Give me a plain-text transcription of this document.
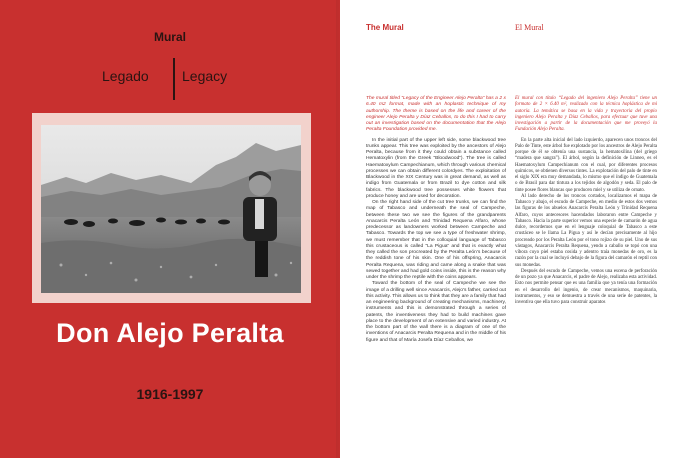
Mural
Legado Legacy
Don Alejo Peralta
1916-1997
The Mural	El Mural

The mural titled “Legacy of the Engineer Alejo Peralta” has a 2 x 6.40 m2 format, made with an hoplastic technique of my authorship. The theme is based on the life and career of the engineer Alejo Peralta y Díaz Ceballos, to do this I had to carry out an investigation based on the documentation that the Alejo Peralta Foundation provided me.

In the initial part of the upper left side, some blackwood tree trunks appear. This tree was exploited by the ancestors of Alejo Peralta, because from it they could obtain a substance called Hematoxylin (from the Greek “Bloodwood”). The tree is called Haematoxylum Campechianum, which through various chemical processes we can obtain different colordyes. The exploitation of Blackwood in the XIX Century was in great demand, as well as indigo from Guatemala or from Brazil to dye cotton and silk fabrics. The blackwood tree possesses white flowers that produce honey and are used for decoration.

On the right hand side of the cut tree trunks, we can find the map of Tabasco and underneath the seal of Campeche, between these two we see the figures of the grandparents Anacarcis Peralta León and Trinidad Requena Alfaro, whose predecessor as landowners worked between Campeche and Tabasco. Towards the top we see a type of freshwater shrimp, we must remember that in the colloquial language of Tabasco this crustaceous is called “La Pigua” and that is exactly what they called the son procreated by the Peralta León’s because of the reddish tone of his skin. One of his offspring, Anacarcis Peralta Requena, was riding and came along a snake that was sewed together and had gold coins inside, this is the reason why under the shrimp the reptile with the coins appears.

Toward the bottom of the seal of Campeche we see the image of a drilling well since Anacarcis, Alejo’s father, carried out this activity. This allows us to think that they are a family that had an engineering background of creating mechanisms, machinery, instruments and this is demonstrated through a series of patents, the inventiveness they had to build machines gave place to the development of an extensive and varied industry. At the bottom part of the wall there is a diagram of one of the inventions of Anacarcis Peralta Requena and in the middle of his figure and that of María Josefa Díaz Ceballos, we

El mural con título “Legado del ingeniero Alejo Peralta” tiene un formato de 2 × 6.40 m², realizado con la técnica hoplástica de mi autoría. La temática se basa en la vida y trayectoria del propio ingeniero Alejo Peralta y Díaz Ceballos, para efectuar que tuve una investigación a partir de la documentación que me proveyó la Fundación Alejo Peralta.

En la parte alta inicial del lado izquierdo, aparecen unos troncos del Palo de Tinte, este árbol fue explotado por los ancestros de Alejo Peralta porque de él se obtenía una sustancia, la hematoxilina (del griego “madera que sangra”). El árbol, según la definición de Linneo, es el Haematoxylum Campechianum con el cual, por diferentes procesos químicos, se obtienen diversos tintes. La explotación del palo de tinte en el siglo XIX era muy demandada, lo mismo que el índigo de Guatemala o de Brasil para dar tintura a los tejidos de algodón y seda. El palo de tinte posee flores blancas que producen miel y se utiliza de ornato.

Al lado derecho de los troncos cortados, localizamos el mapa de Tabasco y abajo, el escudo de Campeche, en medio de estos dos vemos las figuras de los abuelos Anacarcis Peralta León y Trinidad Requena Alfaro, cuyos antecesores hacendados laboraron entre Campeche y Tabasco. Hacia la parte superior vemos una especie de camarón de agua dulce, recordemos que en el lenguaje coloquial de Tabasco a este crustáceo se le llama La Pigua y así le decían precisamente al hijo procreado por los Peralta León por el tono rojizo de su piel. Uno de sus vástagos, Anacarcis Peralta Requena, yendo a caballo se topó con una víbora cuyo piel estaba cosida y adentro traía monedas de oro, es la razón por la cual se incluyó debajo de la figura del camarón el reptil con sus monedas.

Después del escudo de Campeche, vemos una escena de perforación de un pozo ya que Anacarcis, el padre de Alejo, realizaba esta actividad. Esto nos permite pensar que es una familia que ya tenía una formación en el desarrollo del ingenio, de crear mecanismos, maquinaria, instrumentos, y eso se demuestra a través de una serie de patentes, la inventiva que ella tuvo para construir aparatos
